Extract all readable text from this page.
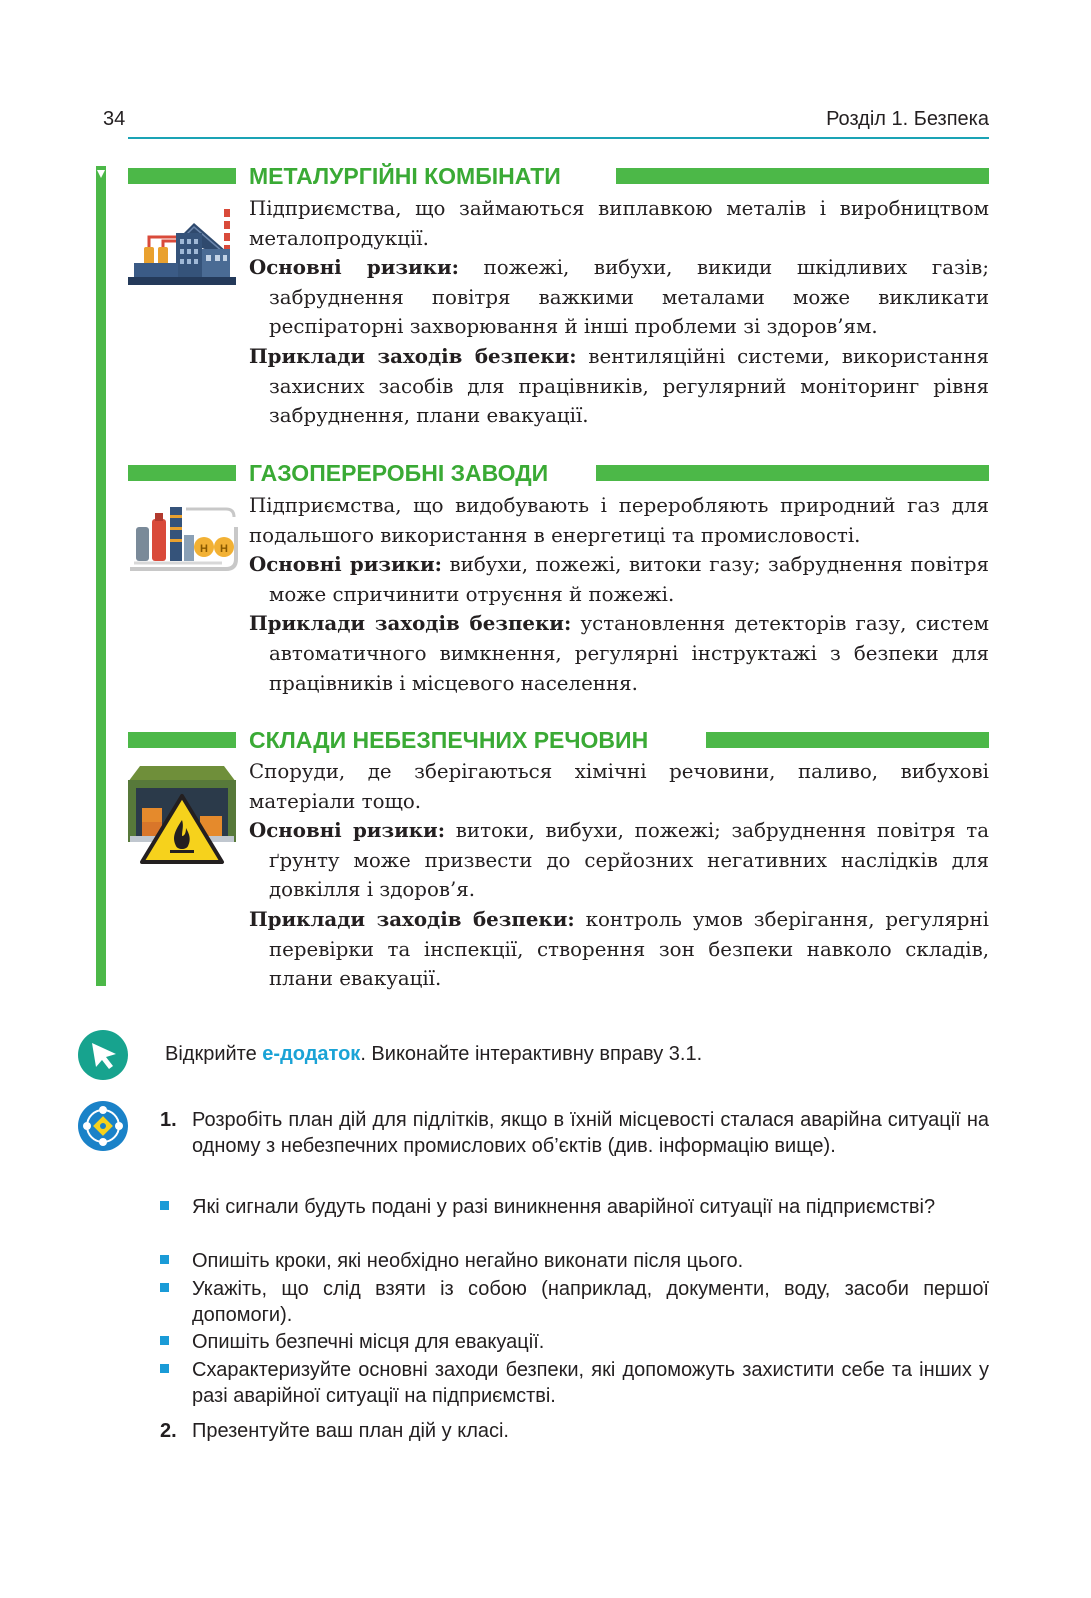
34	Розділ 1. Безпека
МЕТАЛУРГІЙНІ КОМБІНАТИ

Підприємства, що займаються виплавкою металів і виробництвом металопродукції.

Основні ризики: пожежі, вибухи, викиди шкідливих газів; забруднення повітря важкими металами може викликати респіраторні захворювання й інші проблеми зі здоров’ям.

Приклади заходів безпеки: вентиляційні системи, використання захисних засобів для працівників, регулярний моніторинг рівня забруднення, плани евакуації.

ГАЗОПЕРЕРОБНІ ЗАВОДИ
H H

Підприємства, що видобувають і переробляють природний газ для подальшого використання в енергетиці та промисловості.

Основні ризики: вибухи, пожежі, витоки газу; забруднення повітря може спричинити отруєння й пожежі.

Приклади заходів безпеки: установлення детекторів газу, систем автоматичного вимкнення, регулярні інструктажі з безпеки для працівників і місцевого населення.

СКЛАДИ НЕБЕЗПЕЧНИХ РЕЧОВИН

Споруди, де зберігаються хімічні речовини, паливо, вибухові матеріали тощо.

Основні ризики: витоки, вибухи, пожежі; забруднення повітря та ґрунту може призвести до серйозних негативних наслідків для довкілля і здоров’я.

Приклади заходів безпеки: контроль умов зберігання, регулярні перевірки та інспекції, створення зон безпеки навколо складів, плани евакуації.

Відкрийте е-додаток. Виконайте інтерактивну вправу 3.1.
1. Розробіть план дій для підлітків, якщо в їхній місцевості сталася аварійна ситуації на одному з небезпечних промислових об’єктів (див. інформацію вище).

Які сигнали будуть подані у разі виникнення аварійної ситуації на підприємстві?

Опишіть кроки, які необхідно негайно виконати після цього.

Укажіть, що слід взяти із собою (наприклад, документи, воду, засоби першої допомоги).

Опишіть безпечні місця для евакуації.

Схарактеризуйте основні заходи безпеки, які допоможуть захистити себе та інших у разі аварійної ситуації на підприємстві.

2. Презентуйте ваш план дій у класі.
